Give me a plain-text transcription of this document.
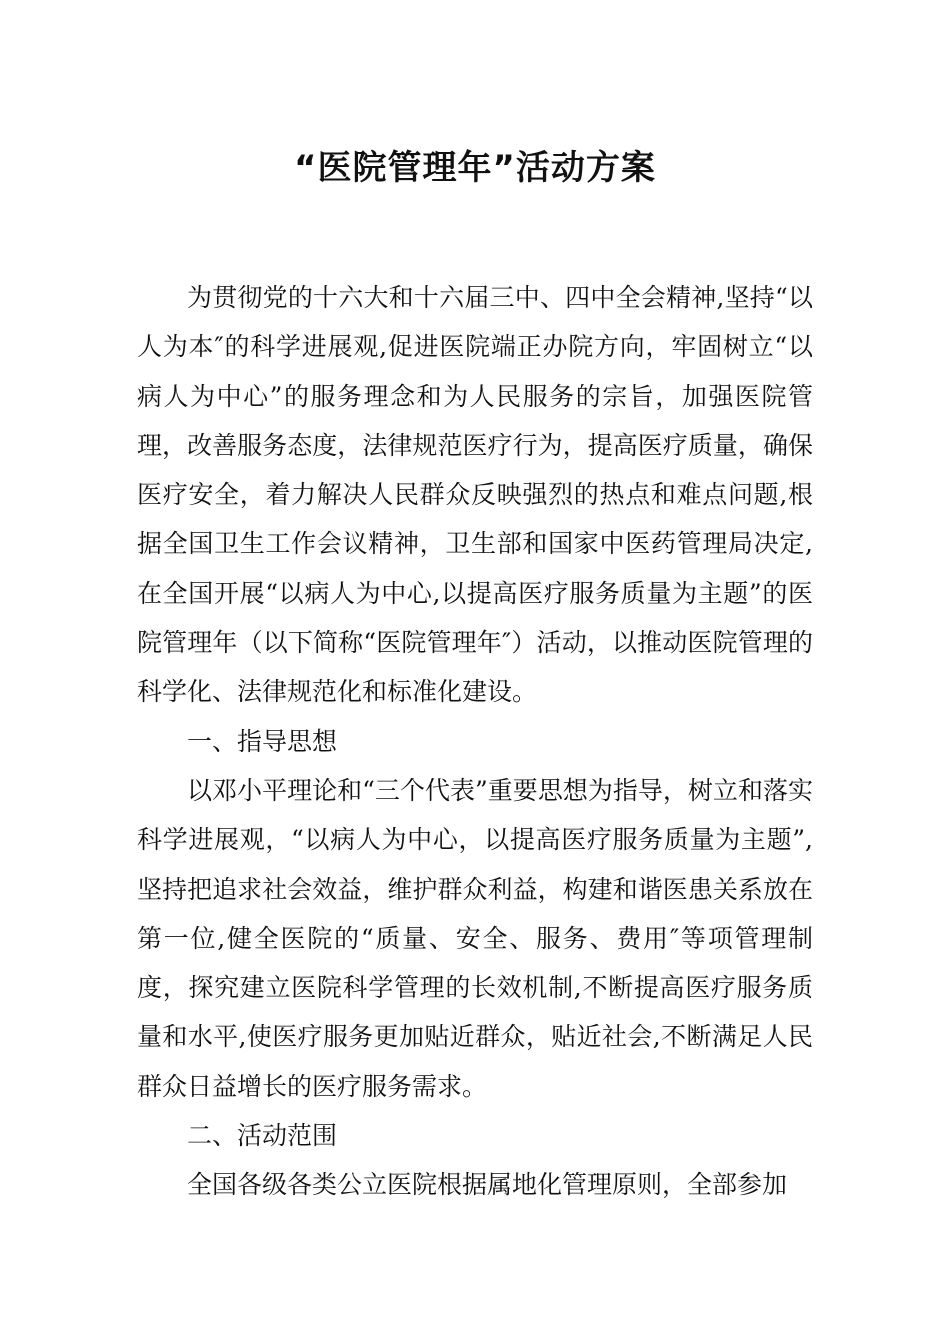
“医院管理年”活动方案

为贯彻党的十六大和十六届三中、四中全会精神,坚持“以人为本″的科学进展观,促进医院端正办院方向，牢固树立“以病人为中心”的服务理念和为人民服务的宗旨，加强医院管理，改善服务态度，法律规范医疗行为，提高医疗质量，确保医疗安全，着力解决人民群众反映强烈的热点和难点问题,根据全国卫生工作会议精神，卫生部和国家中医药管理局决定,在全国开展“以病人为中心,以提高医疗服务质量为主题”的医院管理年（以下简称“医院管理年″）活动，以推动医院管理的科学化、法律规范化和标准化建设。

一、指导思想

以邓小平理论和“三个代表”重要思想为指导，树立和落实科学进展观，“以病人为中心，以提高医疗服务质量为主题”,坚持把追求社会效益，维护群众利益，构建和谐医患关系放在第一位,健全医院的“质量、安全、服务、费用″等项管理制度，探究建立医院科学管理的长效机制,不断提高医疗服务质量和水平,使医疗服务更加贴近群众，贴近社会,不断满足人民群众日益增长的医疗服务需求。

二、活动范围

全国各级各类公立医院根据属地化管理原则，全部参加
